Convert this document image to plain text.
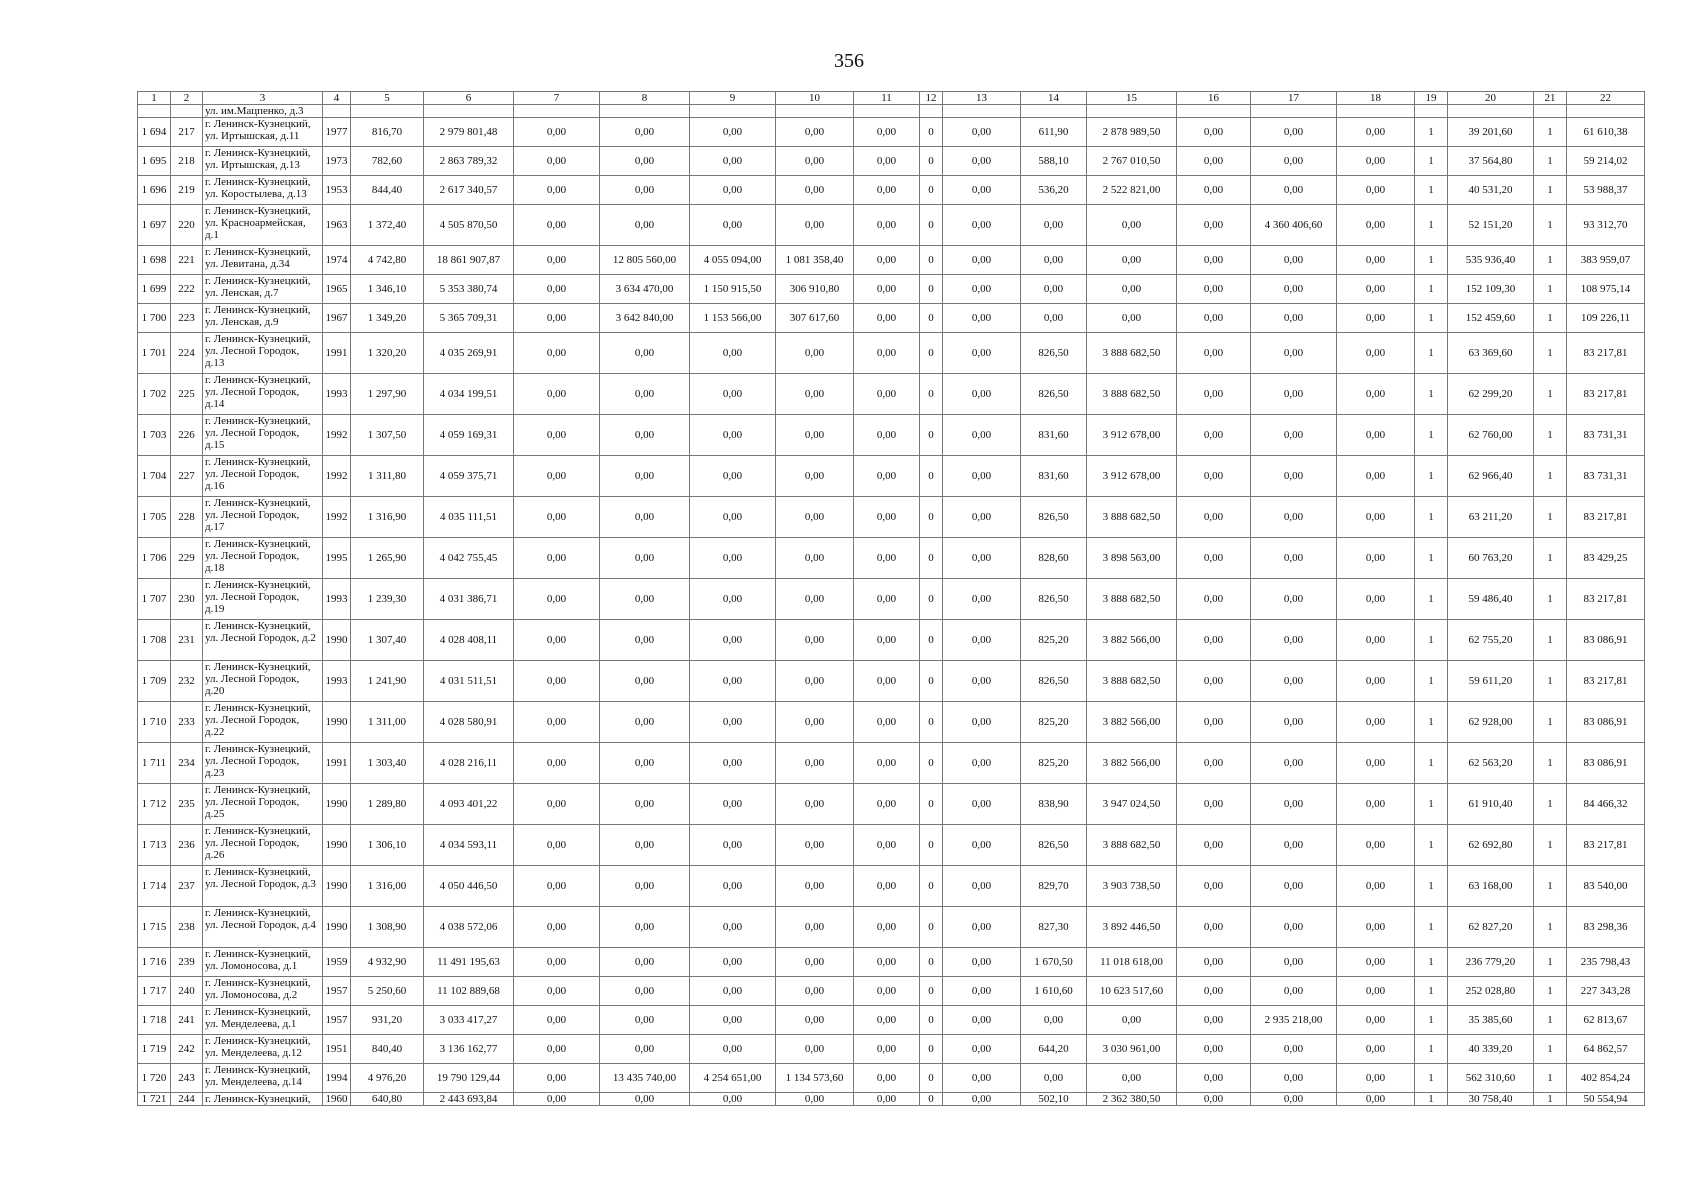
356
1	2	3	4	5	6	7	8	9	10	11	12	13	14	15	16	17	18	19	20	21	22
		ул. им.Мацпенко, д.3																			
1 694	217	г. Ленинск-Кузнецкий, ул. Иртышская, д.11	1977	816,70	2 979 801,48	0,00	0,00	0,00	0,00	0,00	0	0,00	611,90	2 878 989,50	0,00	0,00	0,00	1	39 201,60	1	61 610,38
1 695	218	г. Ленинск-Кузнецкий, ул. Иртышская, д.13	1973	782,60	2 863 789,32	0,00	0,00	0,00	0,00	0,00	0	0,00	588,10	2 767 010,50	0,00	0,00	0,00	1	37 564,80	1	59 214,02
1 696	219	г. Ленинск-Кузнецкий, ул. Коростылева, д.13	1953	844,40	2 617 340,57	0,00	0,00	0,00	0,00	0,00	0	0,00	536,20	2 522 821,00	0,00	0,00	0,00	1	40 531,20	1	53 988,37
1 697	220	г. Ленинск-Кузнецкий, ул. Красноармейская, д.1	1963	1 372,40	4 505 870,50	0,00	0,00	0,00	0,00	0,00	0	0,00	0,00	0,00	0,00	4 360 406,60	0,00	1	52 151,20	1	93 312,70
1 698	221	г. Ленинск-Кузнецкий, ул. Левитана, д.34	1974	4 742,80	18 861 907,87	0,00	12 805 560,00	4 055 094,00	1 081 358,40	0,00	0	0,00	0,00	0,00	0,00	0,00	0,00	1	535 936,40	1	383 959,07
1 699	222	г. Ленинск-Кузнецкий, ул. Ленская, д.7	1965	1 346,10	5 353 380,74	0,00	3 634 470,00	1 150 915,50	306 910,80	0,00	0	0,00	0,00	0,00	0,00	0,00	0,00	1	152 109,30	1	108 975,14
1 700	223	г. Ленинск-Кузнецкий, ул. Ленская, д.9	1967	1 349,20	5 365 709,31	0,00	3 642 840,00	1 153 566,00	307 617,60	0,00	0	0,00	0,00	0,00	0,00	0,00	0,00	1	152 459,60	1	109 226,11
1 701	224	г. Ленинск-Кузнецкий, ул. Лесной Городок, д.13	1991	1 320,20	4 035 269,91	0,00	0,00	0,00	0,00	0,00	0	0,00	826,50	3 888 682,50	0,00	0,00	0,00	1	63 369,60	1	83 217,81
1 702	225	г. Ленинск-Кузнецкий, ул. Лесной Городок, д.14	1993	1 297,90	4 034 199,51	0,00	0,00	0,00	0,00	0,00	0	0,00	826,50	3 888 682,50	0,00	0,00	0,00	1	62 299,20	1	83 217,81
1 703	226	г. Ленинск-Кузнецкий, ул. Лесной Городок, д.15	1992	1 307,50	4 059 169,31	0,00	0,00	0,00	0,00	0,00	0	0,00	831,60	3 912 678,00	0,00	0,00	0,00	1	62 760,00	1	83 731,31
1 704	227	г. Ленинск-Кузнецкий, ул. Лесной Городок, д.16	1992	1 311,80	4 059 375,71	0,00	0,00	0,00	0,00	0,00	0	0,00	831,60	3 912 678,00	0,00	0,00	0,00	1	62 966,40	1	83 731,31
1 705	228	г. Ленинск-Кузнецкий, ул. Лесной Городок, д.17	1992	1 316,90	4 035 111,51	0,00	0,00	0,00	0,00	0,00	0	0,00	826,50	3 888 682,50	0,00	0,00	0,00	1	63 211,20	1	83 217,81
1 706	229	г. Ленинск-Кузнецкий, ул. Лесной Городок, д.18	1995	1 265,90	4 042 755,45	0,00	0,00	0,00	0,00	0,00	0	0,00	828,60	3 898 563,00	0,00	0,00	0,00	1	60 763,20	1	83 429,25
1 707	230	г. Ленинск-Кузнецкий, ул. Лесной Городок, д.19	1993	1 239,30	4 031 386,71	0,00	0,00	0,00	0,00	0,00	0	0,00	826,50	3 888 682,50	0,00	0,00	0,00	1	59 486,40	1	83 217,81
1 708	231	г. Ленинск-Кузнецкий, ул. Лесной Городок, д.2	1990	1 307,40	4 028 408,11	0,00	0,00	0,00	0,00	0,00	0	0,00	825,20	3 882 566,00	0,00	0,00	0,00	1	62 755,20	1	83 086,91
1 709	232	г. Ленинск-Кузнецкий, ул. Лесной Городок, д.20	1993	1 241,90	4 031 511,51	0,00	0,00	0,00	0,00	0,00	0	0,00	826,50	3 888 682,50	0,00	0,00	0,00	1	59 611,20	1	83 217,81
1 710	233	г. Ленинск-Кузнецкий, ул. Лесной Городок, д.22	1990	1 311,00	4 028 580,91	0,00	0,00	0,00	0,00	0,00	0	0,00	825,20	3 882 566,00	0,00	0,00	0,00	1	62 928,00	1	83 086,91
1 711	234	г. Ленинск-Кузнецкий, ул. Лесной Городок, д.23	1991	1 303,40	4 028 216,11	0,00	0,00	0,00	0,00	0,00	0	0,00	825,20	3 882 566,00	0,00	0,00	0,00	1	62 563,20	1	83 086,91
1 712	235	г. Ленинск-Кузнецкий, ул. Лесной Городок, д.25	1990	1 289,80	4 093 401,22	0,00	0,00	0,00	0,00	0,00	0	0,00	838,90	3 947 024,50	0,00	0,00	0,00	1	61 910,40	1	84 466,32
1 713	236	г. Ленинск-Кузнецкий, ул. Лесной Городок, д.26	1990	1 306,10	4 034 593,11	0,00	0,00	0,00	0,00	0,00	0	0,00	826,50	3 888 682,50	0,00	0,00	0,00	1	62 692,80	1	83 217,81
1 714	237	г. Ленинск-Кузнецкий, ул. Лесной Городок, д.3	1990	1 316,00	4 050 446,50	0,00	0,00	0,00	0,00	0,00	0	0,00	829,70	3 903 738,50	0,00	0,00	0,00	1	63 168,00	1	83 540,00
1 715	238	г. Ленинск-Кузнецкий, ул. Лесной Городок, д.4	1990	1 308,90	4 038 572,06	0,00	0,00	0,00	0,00	0,00	0	0,00	827,30	3 892 446,50	0,00	0,00	0,00	1	62 827,20	1	83 298,36
1 716	239	г. Ленинск-Кузнецкий, ул. Ломоносова, д.1	1959	4 932,90	11 491 195,63	0,00	0,00	0,00	0,00	0,00	0	0,00	1 670,50	11 018 618,00	0,00	0,00	0,00	1	236 779,20	1	235 798,43
1 717	240	г. Ленинск-Кузнецкий, ул. Ломоносова, д.2	1957	5 250,60	11 102 889,68	0,00	0,00	0,00	0,00	0,00	0	0,00	1 610,60	10 623 517,60	0,00	0,00	0,00	1	252 028,80	1	227 343,28
1 718	241	г. Ленинск-Кузнецкий, ул. Менделеева, д.1	1957	931,20	3 033 417,27	0,00	0,00	0,00	0,00	0,00	0	0,00	0,00	0,00	0,00	2 935 218,00	0,00	1	35 385,60	1	62 813,67
1 719	242	г. Ленинск-Кузнецкий, ул. Менделеева, д.12	1951	840,40	3 136 162,77	0,00	0,00	0,00	0,00	0,00	0	0,00	644,20	3 030 961,00	0,00	0,00	0,00	1	40 339,20	1	64 862,57
1 720	243	г. Ленинск-Кузнецкий, ул. Менделеева, д.14	1994	4 976,20	19 790 129,44	0,00	13 435 740,00	4 254 651,00	1 134 573,60	0,00	0	0,00	0,00	0,00	0,00	0,00	0,00	1	562 310,60	1	402 854,24
1 721	244	г. Ленинск-Кузнецкий,	1960	640,80	2 443 693,84	0,00	0,00	0,00	0,00	0,00	0	0,00	502,10	2 362 380,50	0,00	0,00	0,00	1	30 758,40	1	50 554,94
